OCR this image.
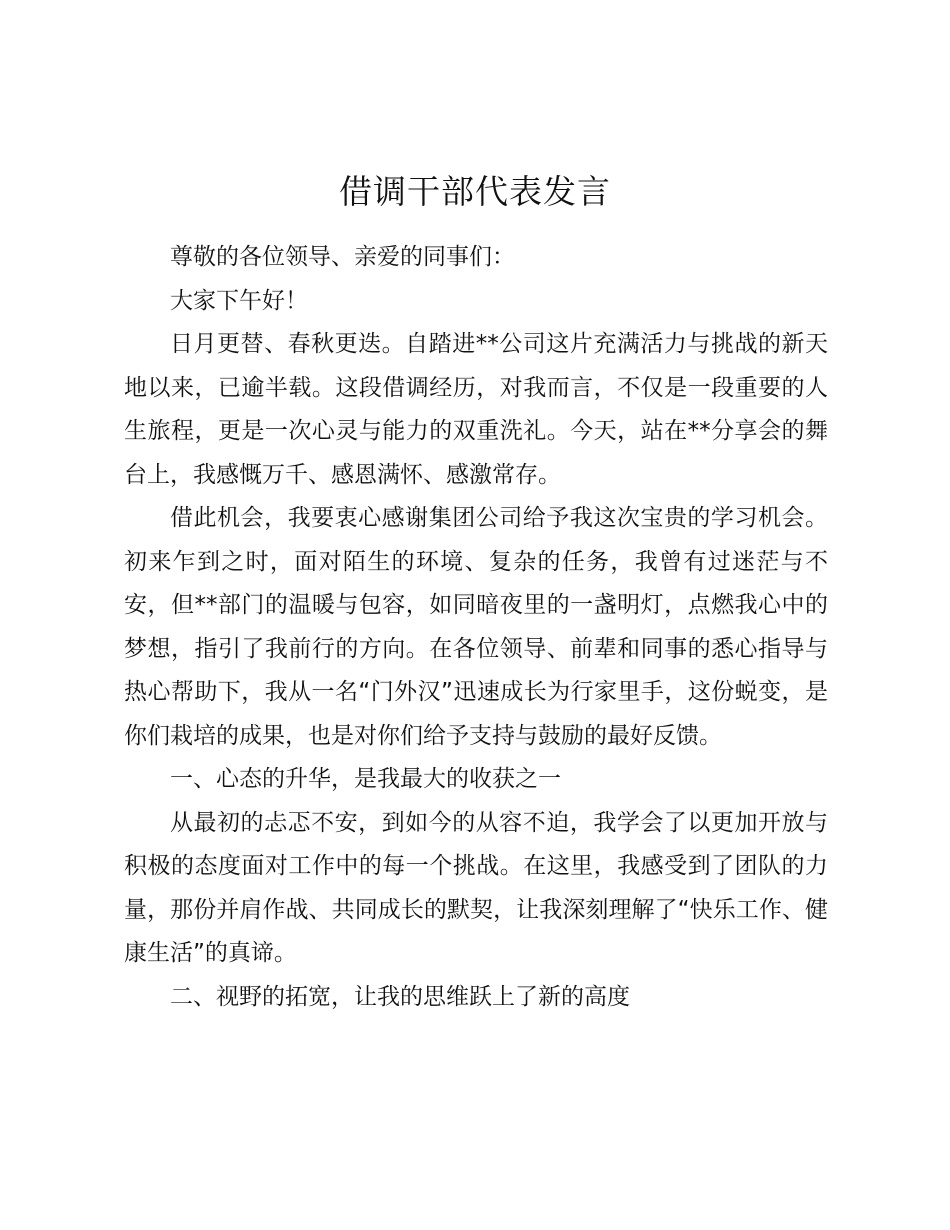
借调干部代表发言

尊敬的各位领导、亲爱的同事们：

大家下午好！

日月更替、春秋更迭。自踏进**公司这片充满活力与挑战的新天地以来，已逾半载。这段借调经历，对我而言，不仅是一段重要的人生旅程，更是一次心灵与能力的双重洗礼。今天，站在**分享会的舞台上，我感慨万千、感恩满怀、感激常存。

借此机会，我要衷心感谢集团公司给予我这次宝贵的学习机会。初来乍到之时，面对陌生的环境、复杂的任务，我曾有过迷茫与不安，但**部门的温暖与包容，如同暗夜里的一盏明灯，点燃我心中的梦想，指引了我前行的方向。在各位领导、前辈和同事的悉心指导与热心帮助下，我从一名“门外汉”迅速成长为行家里手，这份蜕变，是你们栽培的成果，也是对你们给予支持与鼓励的最好反馈。

一、心态的升华，是我最大的收获之一

从最初的忐忑不安，到如今的从容不迫，我学会了以更加开放与积极的态度面对工作中的每一个挑战。在这里，我感受到了团队的力量，那份并肩作战、共同成长的默契，让我深刻理解了“快乐工作、健康生活”的真谛。

二、视野的拓宽，让我的思维跃上了新的高度
